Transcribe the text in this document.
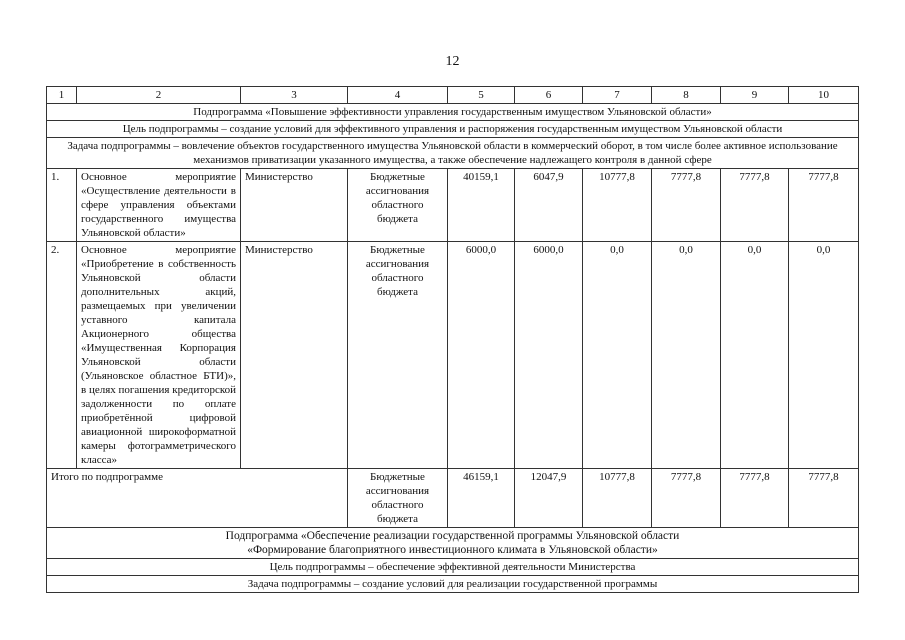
12
1	2	3	4	5	6	7	8	9	10
Подпрограмма «Повышение эффективности управления государственным имуществом Ульяновской области»									
Цель подпрограммы – создание условий для эффективного управления и распоряжения государственным имуществом Ульяновской области									
Задача подпрограммы – вовлечение объектов государственного имущества Ульяновской области в коммерческий оборот, в том числе более активное использование механизмов приватизации указанного имущества, а также обеспечение надлежащего контроля в данной сфере									
1.	Основное мероприятие «Осуществление деятельности в сфере управления объектами государственного имущества Ульяновской области»	Министерство	Бюджетные ассигнования областного бюджета	40159,1	6047,9	10777,8	7777,8	7777,8	7777,8
2.	Основное мероприятие «Приобретение в собственность Ульяновской области дополнительных акций, размещаемых при увеличении уставного капитала Акционерного общества «Имущественная Корпорация Ульяновской области (Ульяновское областное БТИ)», в целях погашения кредиторской задолженности по оплате приобретённой цифровой авиационной широкоформатной камеры фотограмметрического класса»	Министерство	Бюджетные ассигнования областного бюджета	6000,0	6000,0	0,0	0,0	0,0	0,0
Итого по подпрограмме			Бюджетные ассигнования областного бюджета	46159,1	12047,9	10777,8	7777,8	7777,8	7777,8

Подпрограмма «Обеспечение реализации государственной программы Ульяновской области
«Формирование благоприятного инвестиционного климата в Ульяновской области»									

Цель подпрограммы – обеспечение эффективной деятельности Министерства									
Задача подпрограммы – создание условий для реализации государственной программы									
